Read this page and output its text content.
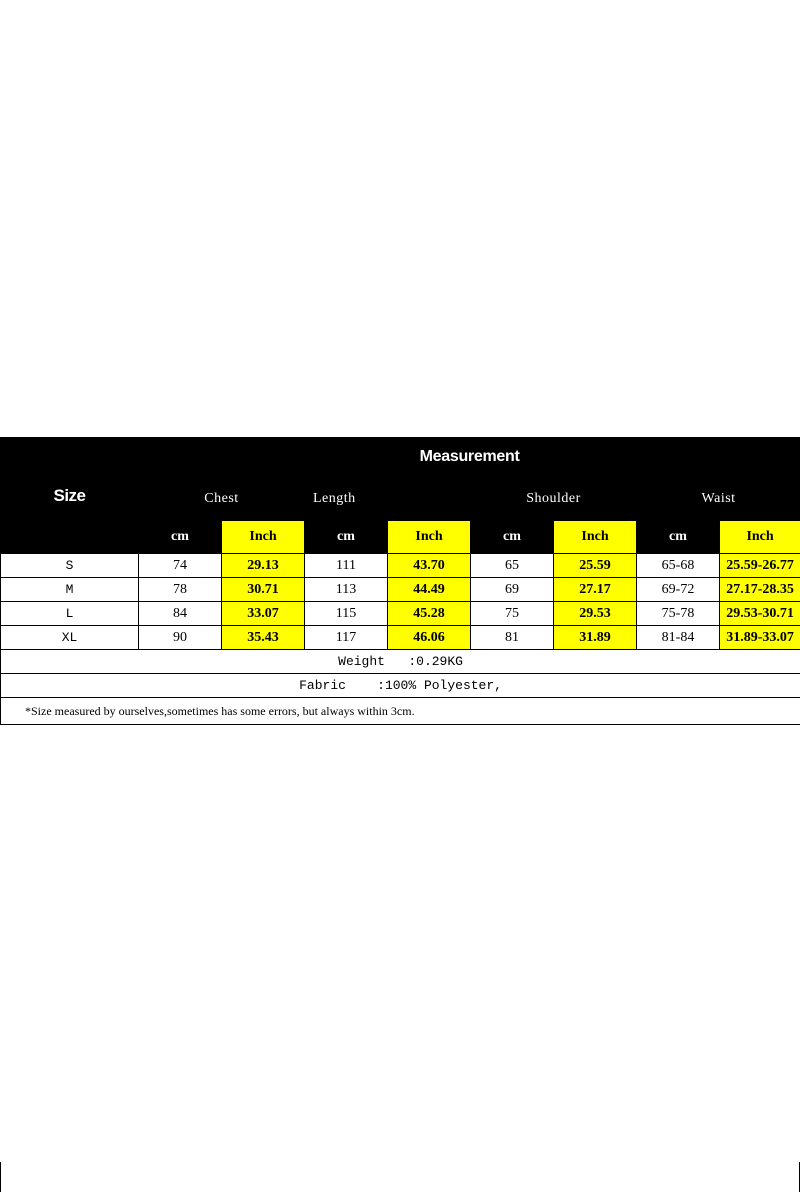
Size	Measurement							
	Chest		Length		Shoulder		Waist	
	cm	Inch	cm	Inch	cm	Inch	cm	Inch
S	74	29.13	111	43.70	65	25.59	65-68	25.59-26.77
M	78	30.71	113	44.49	69	27.17	69-72	27.17-28.35
L	84	33.07	115	45.28	75	29.53	75-78	29.53-30.71
XL	90	35.43	117	46.06	81	31.89	81-84	31.89-33.07
Weight   :0.29KG								
Fabric    :100% Polyester,								
*Size measured by ourselves,sometimes has some errors, but always within 3cm.								
